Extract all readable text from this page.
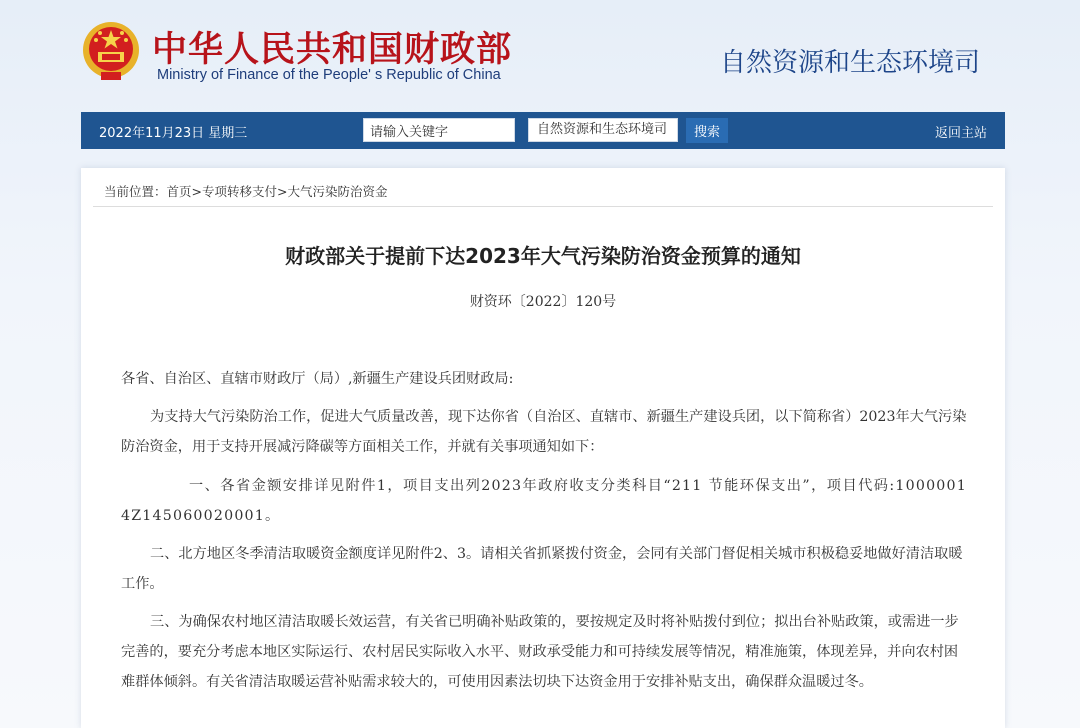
中华人民共和国财政部
Ministry of Finance of the People' s Republic of China	自然资源和生态环境司
2022年11月23日 星期三
请输入关键字	自然资源和生态环境司	搜索	返回主站
当前位置：首页>专项转移支付>大气污染防治资金
财政部关于提前下达2023年大气污染防治资金预算的通知
财资环〔2022〕120号

各省、自治区、直辖市财政厅（局）,新疆生产建设兵团财政局:

为支持大气污染防治工作，促进大气质量改善，现下达你省（自治区、直辖市、新疆生产建设兵团，以下简称省）2023年大气污染防治资金，用于支持开展减污降碳等方面相关工作，并就有关事项通知如下：

一、各省金额安排详见附件1，项目支出列2023年政府收支分类科目“211 节能环保支出”，项目代码:1000001​4Z145060020001。

二、北方地区冬季清洁取暖资金额度详见附件2、3。请相关省抓紧拨付资金，会同有关部门督促相关城市积极稳妥地做好清洁取暖工作。

三、为确保农村地区清洁取暖长效运营，有关省已明确补贴政策的，要按规定及时将补贴拨付到位；拟出台补贴政策，或需进一步完善的，要充分考虑本地区实际运行、农村居民实际收入水平、财政承受能力和可持续发展等情况，精准施策，体现差异，并向农村困难群体倾斜。有关省清洁取暖运营补贴需求较大的，可使用因素法切块下达资金用于安排补贴支出，确保群众温暖过冬。
